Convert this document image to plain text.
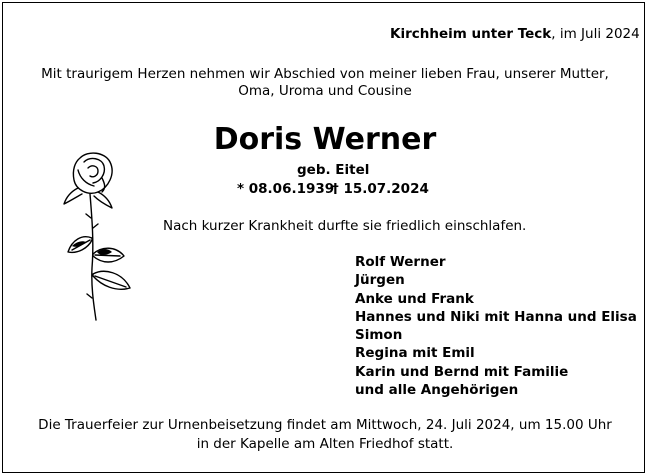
Kirchheim unter Teck, im Juli 2024
Mit traurigem Herzen nehmen wir Abschied von meiner lieben Frau, unserer Mutter,
Oma, Uroma und Cousine
Doris Werner
geb. Eitel
* 08.06.1939
† 15.07.2024
Nach kurzer Krankheit durfte sie friedlich einschlafen.
Rolf Werner
Jürgen
Anke und Frank
Hannes und Niki mit Hanna und Elisa
Simon
Regina mit Emil
Karin und Bernd mit Familie
und alle Angehörigen
Die Trauerfeier zur Urnenbeisetzung findet am Mittwoch, 24. Juli 2024, um 15.00 Uhr
in der Kapelle am Alten Friedhof statt.
